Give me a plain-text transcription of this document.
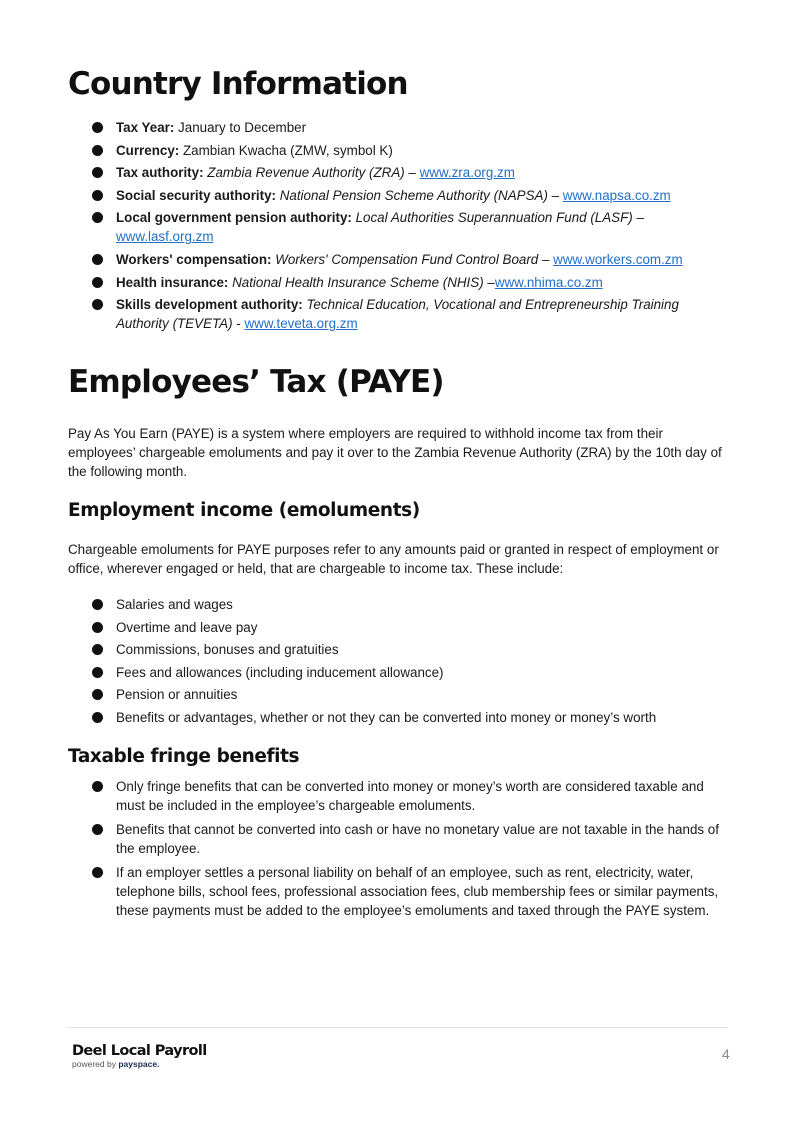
Country Information
Tax Year: January to December
Currency: Zambian Kwacha (ZMW, symbol K)
Tax authority: Zambia Revenue Authority (ZRA) – www.zra.org.zm
Social security authority: National Pension Scheme Authority (NAPSA) – www.napsa.co.zm
Local government pension authority: Local Authorities Superannuation Fund (LASF) – www.lasf.org.zm
Workers' compensation: Workers' Compensation Fund Control Board – www.workers.com.zm
Health insurance: National Health Insurance Scheme (NHIS) –www.nhima.co.zm
Skills development authority: Technical Education, Vocational and Entrepreneurship Training Authority (TEVETA) - www.teveta.org.zm
Employees’ Tax (PAYE)

Pay As You Earn (PAYE) is a system where employers are required to withhold income tax from their employees’ chargeable emoluments and pay it over to the Zambia Revenue Authority (ZRA) by the 10th day of the following month.

Employment income (emoluments)

Chargeable emoluments for PAYE purposes refer to any amounts paid or granted in respect of employment or office, wherever engaged or held, that are chargeable to income tax. These include:

Salaries and wages
Overtime and leave pay
Commissions, bonuses and gratuities
Fees and allowances (including inducement allowance)
Pension or annuities
Benefits or advantages, whether or not they can be converted into money or money’s worth
Taxable fringe benefits
Only fringe benefits that can be converted into money or money’s worth are considered taxable and must be included in the employee’s chargeable emoluments.
Benefits that cannot be converted into cash or have no monetary value are not taxable in the hands of the employee.
If an employer settles a personal liability on behalf of an employee, such as rent, electricity, water, telephone bills, school fees, professional association fees, club membership fees or similar payments, these payments must be added to the employee’s emoluments and taxed through the PAYE system.
Deel Local Payroll
powered by payspace.
4
